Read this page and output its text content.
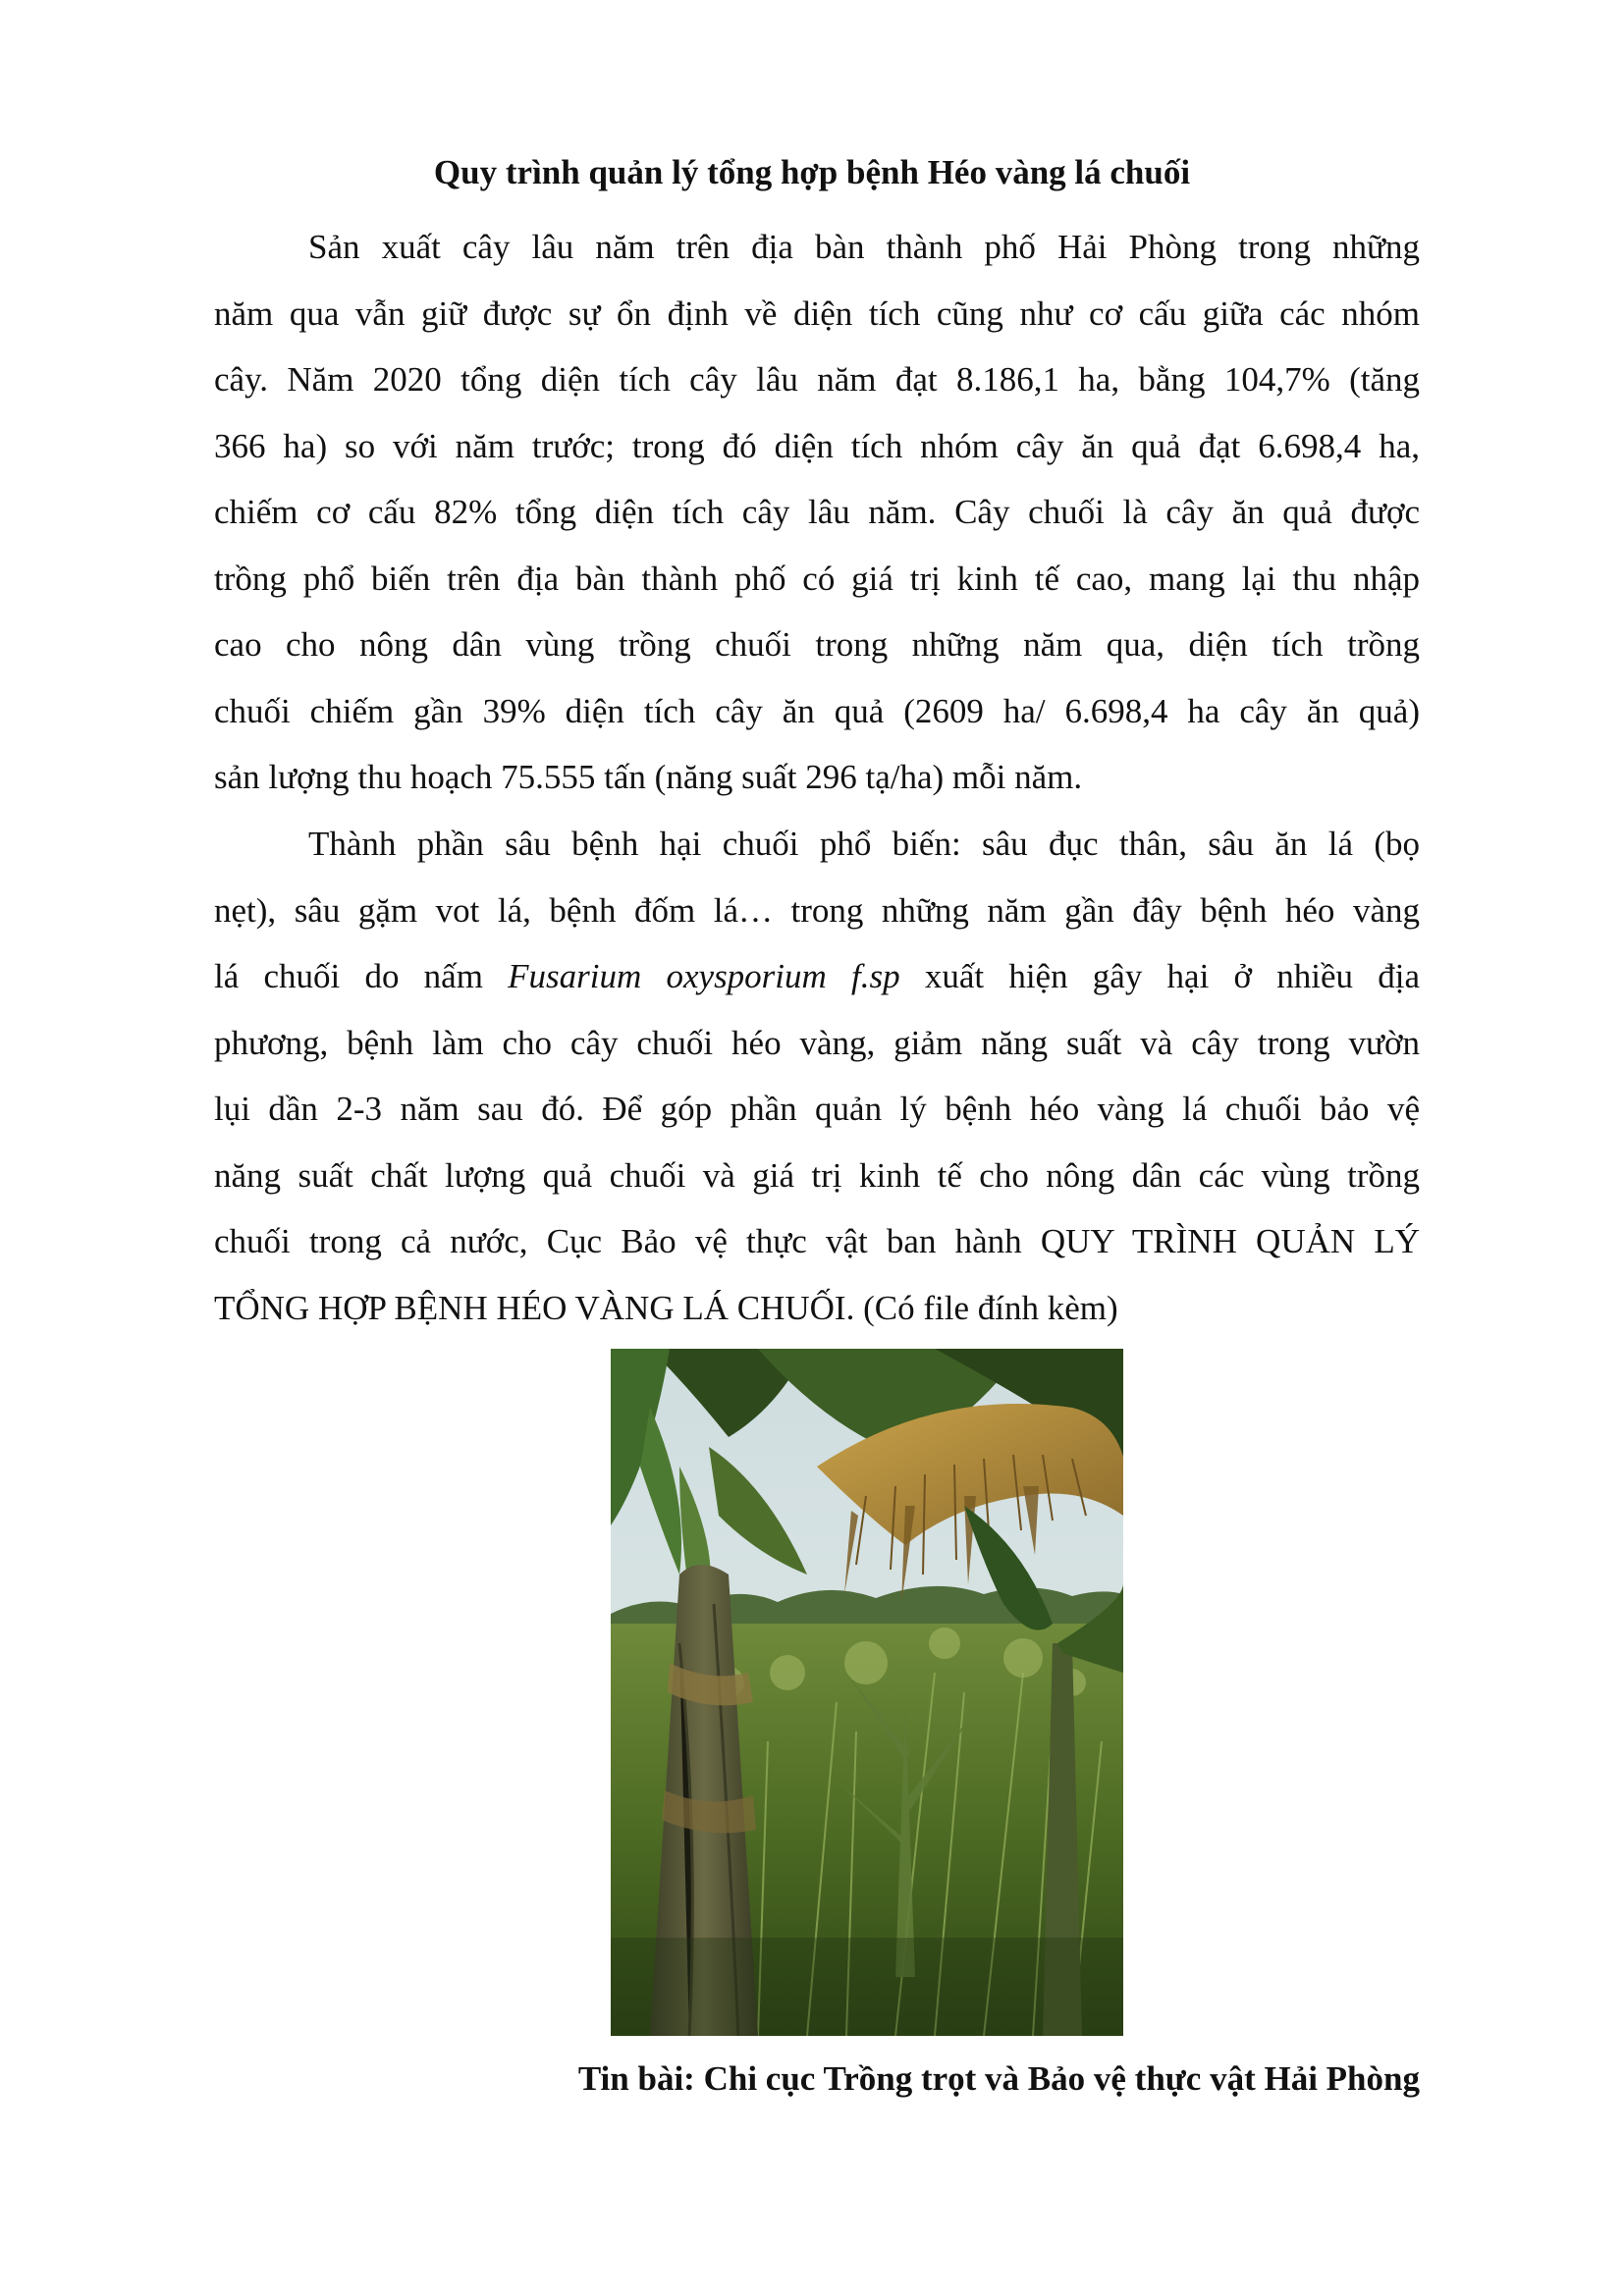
Quy trình quản lý tổng hợp bệnh Héo vàng lá chuối

Sản xuất cây lâu năm trên địa bàn thành phố Hải Phòng trong những
năm qua vẫn giữ được sự ổn định về diện tích cũng như cơ cấu giữa các nhóm
cây. Năm 2020 tổng diện tích cây lâu năm đạt 8.186,1 ha, bằng 104,7% (tăng
366 ha) so với năm trước; trong đó diện tích nhóm cây ăn quả đạt 6.698,4 ha,
chiếm cơ cấu 82% tổng diện tích cây lâu năm. Cây chuối là cây ăn quả được
trồng phổ biến trên địa bàn thành phố có giá trị kinh tế cao, mang lại thu nhập
cao cho nông dân vùng trồng chuối trong những năm qua, diện tích trồng
chuối chiếm gần 39% diện tích cây ăn quả (2609 ha/ 6.698,4 ha cây ăn quả)
sản lượng thu hoạch 75.555 tấn (năng suất 296 tạ/ha) mỗi năm.
Thành phần sâu bệnh hại chuối phổ biến: sâu đục thân, sâu ăn lá (bọ
nẹt), sâu gặm vot lá, bệnh đốm lá… trong những năm gần đây bệnh héo vàng
lá chuối do nấm Fusarium oxysporium f.sp xuất hiện gây hại ở nhiều địa
phương, bệnh làm cho cây chuối héo vàng, giảm năng suất và cây trong vườn
lụi dần 2-3 năm sau đó. Để góp phần quản lý bệnh héo vàng lá chuối bảo vệ
năng suất chất lượng quả chuối và giá trị kinh tế cho nông dân các vùng trồng
chuối trong cả nước, Cục Bảo vệ thực vật ban hành QUY TRÌNH QUẢN LÝ
TỔNG HỢP BỆNH HÉO VÀNG LÁ CHUỐI. (Có file đính kèm)

Tin bài: Chi cục Trồng trọt và Bảo vệ thực vật Hải Phòng
